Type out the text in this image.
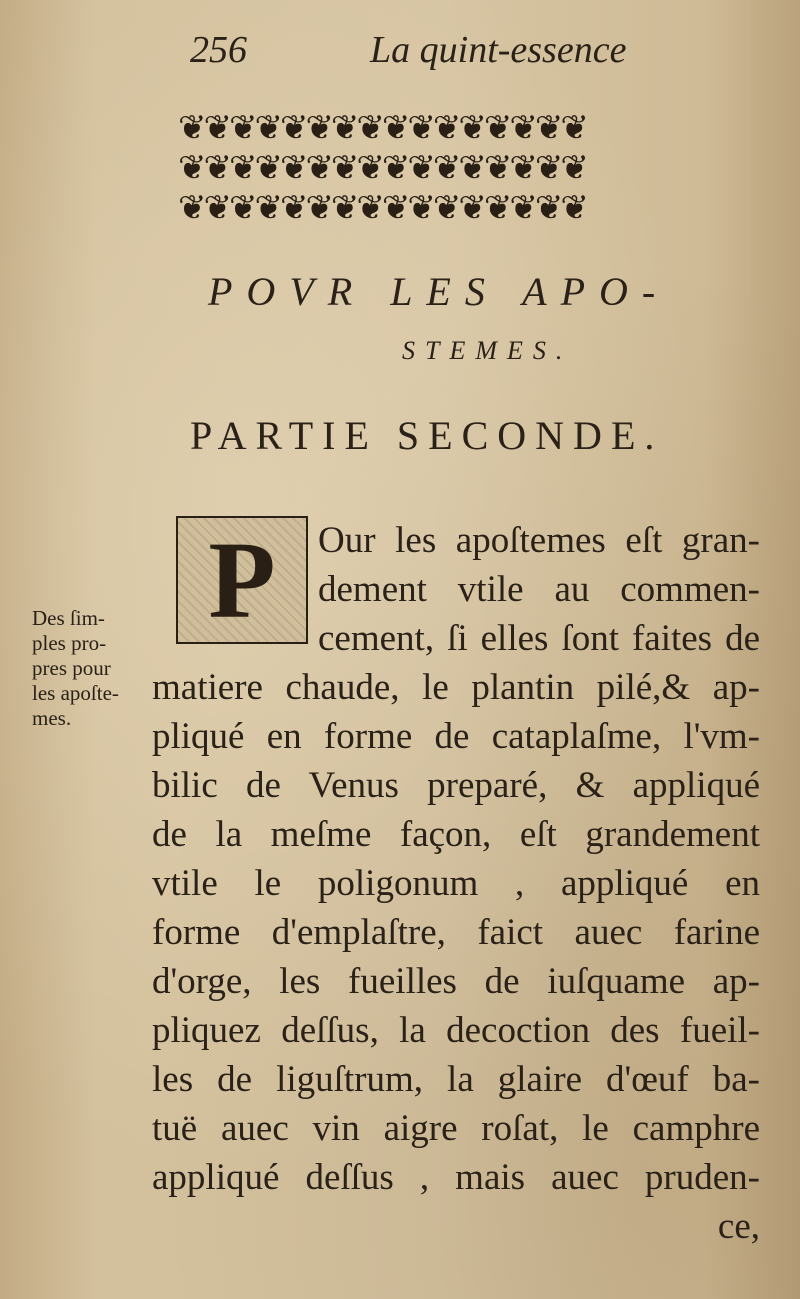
256	La quint-essence
❦❦❦❦❦❦❦❦❦❦❦❦❦❦❦❦
❦❦❦❦❦❦❦❦❦❦❦❦❦❦❦❦
❦❦❦❦❦❦❦❦❦❦❦❦❦❦❦❦
POVR LES APO-
STEMES.
PARTIE SECONDE.
Des ſim-
ples pro-
pres pour
les apoſte-
mes.
Our les apoſtemes eſt gran-
dement vtile au commen-
cement, ſi elles ſont faites de
matiere chaude, le plantin pilé,& ap-
pliqué en forme de cataplaſme, l'vm-
bilic de Venus preparé, & appliqué
de la meſme façon, eſt grandement
vtile le poligonum , appliqué en
forme d'emplaſtre, faict auec farine
d'orge, les fueilles de iuſquame ap-
pliquez deſſus, la decoction des fueil-
les de liguſtrum, la glaire d'œuf ba-
tuë auec vin aigre roſat, le camphre
appliqué deſſus , mais auec pruden-
ce,
P
